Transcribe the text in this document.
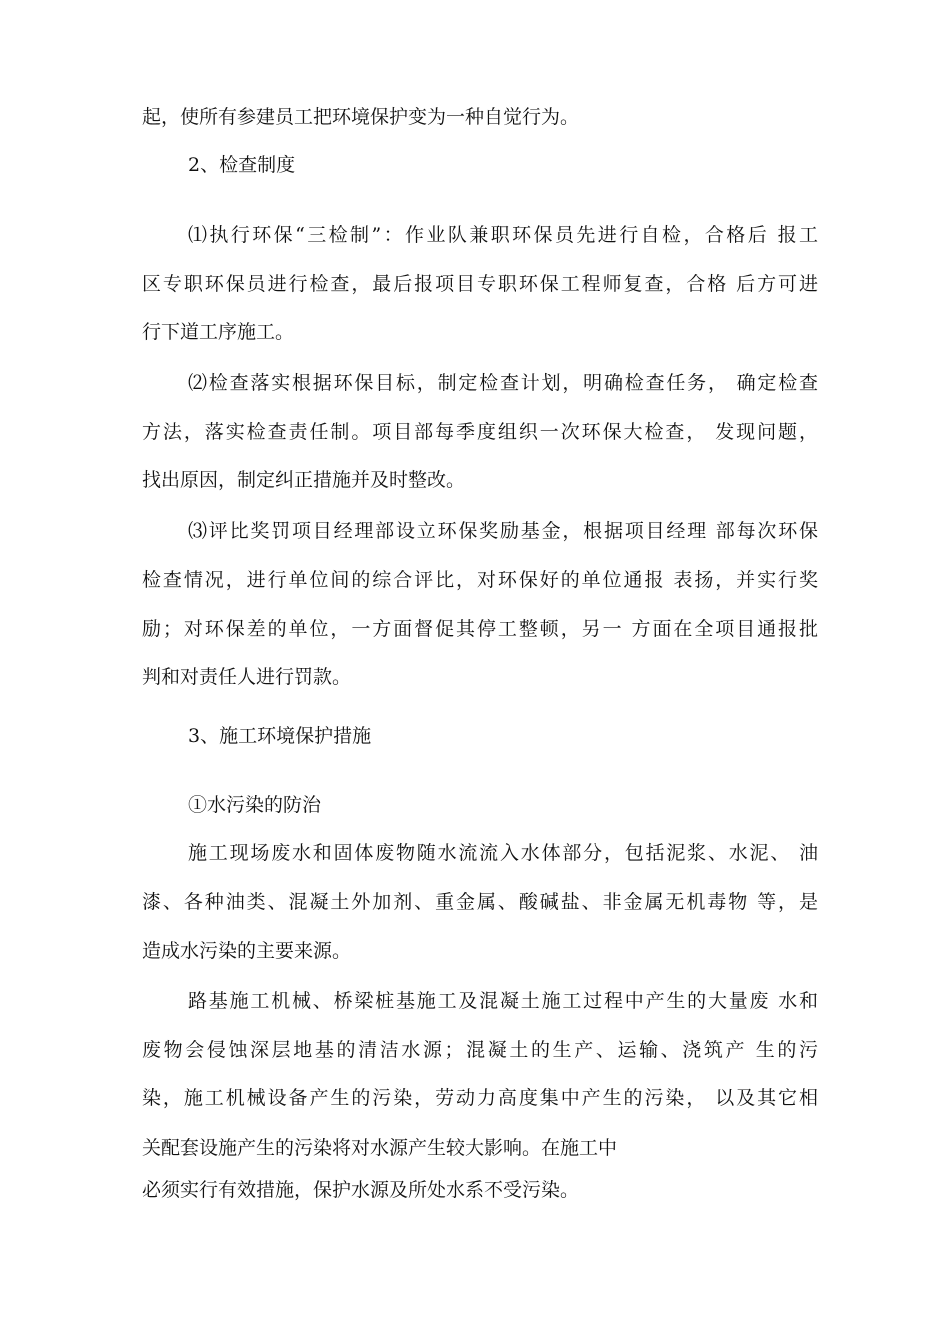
起，使所有参建员工把环境保护变为一种自觉行为。
2、检查制度
⑴执行环保“三检制”：作业队兼职环保员先进行自检，合格后 报工
区专职环保员进行检查，最后报项目专职环保工程师复查，合格 后方可进
行下道工序施工。
⑵检查落实根据环保目标，制定检查计划，明确检查任务， 确定检查
方法，落实检查责任制。项目部每季度组织一次环保大检查， 发现问题，
找出原因，制定纠正措施并及时整改。
⑶评比奖罚项目经理部设立环保奖励基金，根据项目经理 部每次环保
检查情况，进行单位间的综合评比，对环保好的单位通报 表扬，并实行奖
励；对环保差的单位，一方面督促其停工整顿，另一 方面在全项目通报批
判和对责任人进行罚款。
3、施工环境保护措施
①水污染的防治
施工现场废水和固体废物随水流流入水体部分，包括泥浆、水泥、 油
漆、各种油类、混凝土外加剂、重金属、酸碱盐、非金属无机毒物 等，是
造成水污染的主要来源。
路基施工机械、桥梁桩基施工及混凝土施工过程中产生的大量废 水和
废物会侵蚀深层地基的清洁水源；混凝土的生产、运输、浇筑产 生的污
染，施工机械设备产生的污染，劳动力高度集中产生的污染， 以及其它相
关配套设施产生的污染将对水源产生较大影响。在施工中
必须实行有效措施，保护水源及所处水系不受污染。
